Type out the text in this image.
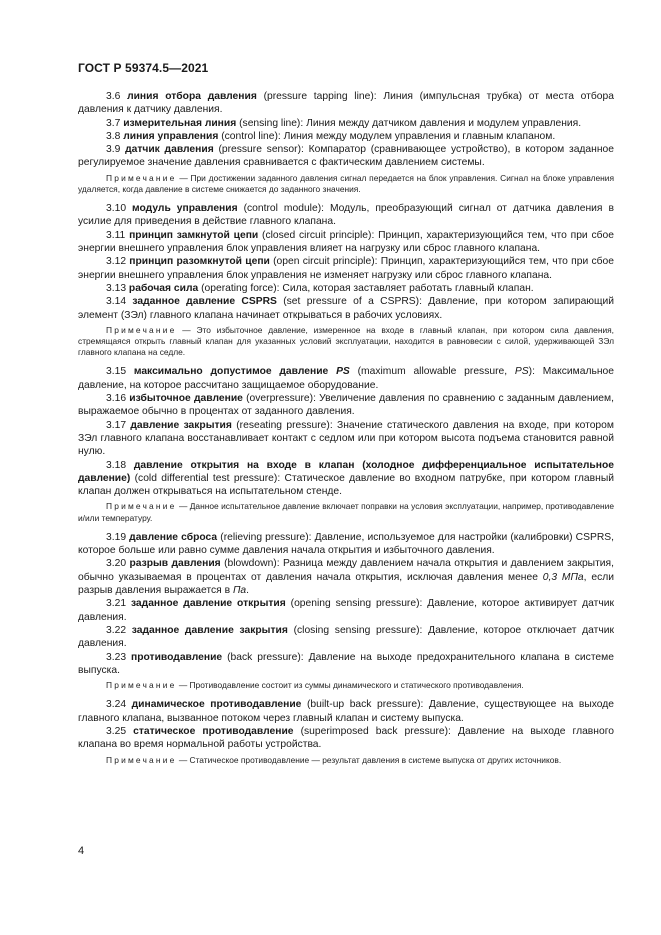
ГОСТ Р 59374.5—2021

3.6 линия отбора давления (pressure tapping line): Линия (импульсная трубка) от места отбора давления к датчику давления.

3.7 измерительная линия (sensing line): Линия между датчиком давления и модулем управления.

3.8 линия управления (control line): Линия между модулем управления и главным клапаном.

3.9 датчик давления (pressure sensor): Компаратор (сравнивающее устройство), в котором заданное регулируемое значение давления сравнивается с фактическим давлением системы.

Примечание — При достижении заданного давления сигнал передается на блок управления. Сигнал на блоке управления удаляется, когда давление в системе снижается до заданного значения.

3.10 модуль управления (control module): Модуль, преобразующий сигнал от датчика давления в усилие для приведения в действие главного клапана.

3.11 принцип замкнутой цепи (closed circuit principle): Принцип, характеризующийся тем, что при сбое энергии внешнего управления блок управления влияет на нагрузку или сброс главного клапана.

3.12 принцип разомкнутой цепи (open circuit principle): Принцип, характеризующийся тем, что при сбое энергии внешнего управления блок управления не изменяет нагрузку или сброс главного клапана.

3.13 рабочая сила (operating force): Сила, которая заставляет работать главный клапан.

3.14 заданное давление CSPRS (set pressure of a CSPRS): Давление, при котором запирающий элемент (ЗЭл) главного клапана начинает открываться в рабочих условиях.

Примечание — Это избыточное давление, измеренное на входе в главный клапан, при котором сила давления, стремящаяся открыть главный клапан для указанных условий эксплуатации, находится в равновесии с силой, удерживающей ЗЭл главного клапана на седле.

3.15 максимально допустимое давление PS (maximum allowable pressure, PS): Максимальное давление, на которое рассчитано защищаемое оборудование.

3.16 избыточное давление (overpressure): Увеличение давления по сравнению с заданным давлением, выражаемое обычно в процентах от заданного давления.

3.17 давление закрытия (reseating pressure): Значение статического давления на входе, при котором ЗЭл главного клапана восстанавливает контакт с седлом или при котором высота подъема становится равной нулю.

3.18 давление открытия на входе в клапан (холодное дифференциальное испытательное давление) (cold differential test pressure): Статическое давление во входном патрубке, при котором главный клапан должен открываться на испытательном стенде.

Примечание — Данное испытательное давление включает поправки на условия эксплуатации, например, противодавление и/или температуру.

3.19 давление сброса (relieving pressure): Давление, используемое для настройки (калибровки) CSPRS, которое больше или равно сумме давления начала открытия и избыточного давления.

3.20 разрыв давления (blowdown): Разница между давлением начала открытия и давлением закрытия, обычно указываемая в процентах от давления начала открытия, исключая давления менее 0,3 МПа, если разрыв давления выражается в Па.

3.21 заданное давление открытия (opening sensing pressure): Давление, которое активирует датчик давления.

3.22 заданное давление закрытия (closing sensing pressure): Давление, которое отключает датчик давления.

3.23 противодавление (back pressure): Давление на выходе предохранительного клапана в системе выпуска.

Примечание — Противодавление состоит из суммы динамического и статического противодавления.

3.24 динамическое противодавление (built-up back pressure): Давление, существующее на выходе главного клапана, вызванное потоком через главный клапан и систему выпуска.

3.25 статическое противодавление (superimposed back pressure): Давление на выходе главного клапана во время нормальной работы устройства.

Примечание — Статическое противодавление — результат давления в системе выпуска от других источников.

4
